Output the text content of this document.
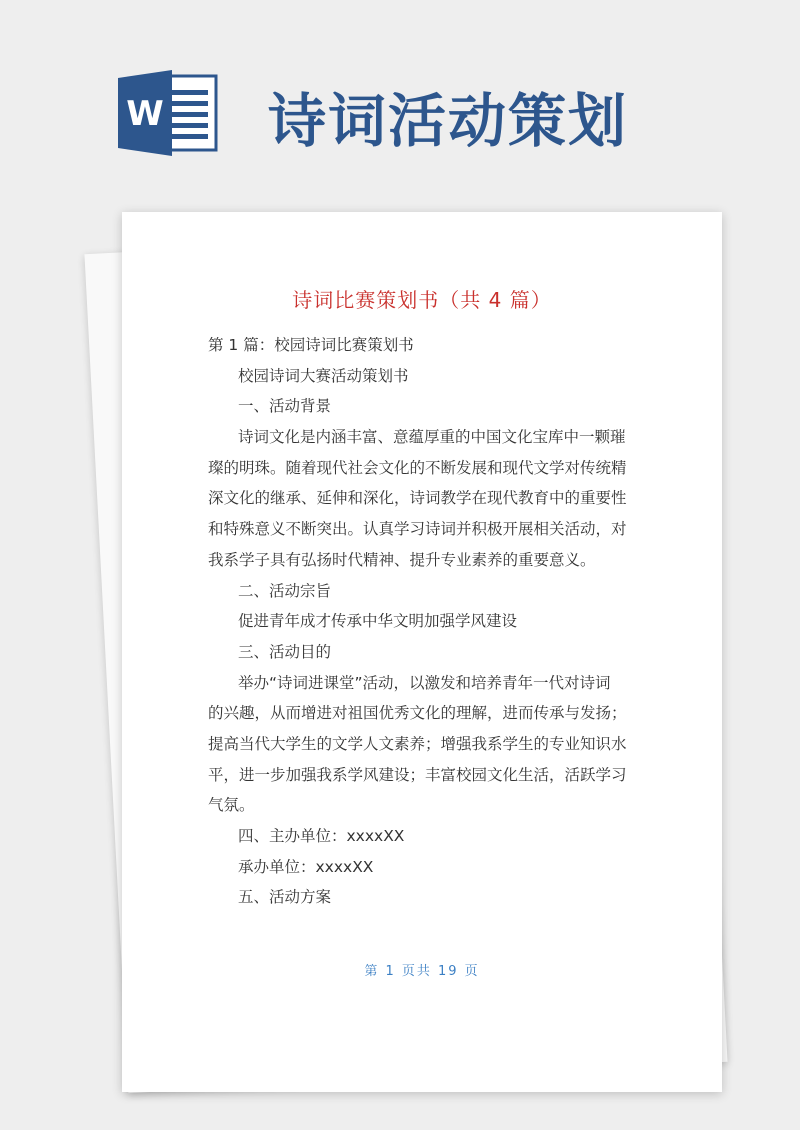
W 诗词活动策划
诗词比赛策划书（共 4 篇）
第 1 篇：校园诗词比赛策划书
校园诗词大赛活动策划书
一、活动背景
诗词文化是内涵丰富、意蕴厚重的中国文化宝库中一颗璀
璨的明珠。随着现代社会文化的不断发展和现代文学对传统精
深文化的继承、延伸和深化，诗词教学在现代教育中的重要性
和特殊意义不断突出。认真学习诗词并积极开展相关活动，对
我系学子具有弘扬时代精神、提升专业素养的重要意义。
二、活动宗旨
促进青年成才传承中华文明加强学风建设
三、活动目的
举办“诗词进课堂”活动，以激发和培养青年一代对诗词
的兴趣，从而增进对祖国优秀文化的理解，进而传承与发扬；
提高当代大学生的文学人文素养；增强我系学生的专业知识水
平，进一步加强我系学风建设；丰富校园文化生活，活跃学习
气氛。
四、主办单位：xxxxXX
承办单位：xxxxXX
五、活动方案
第 1 页共 19 页
